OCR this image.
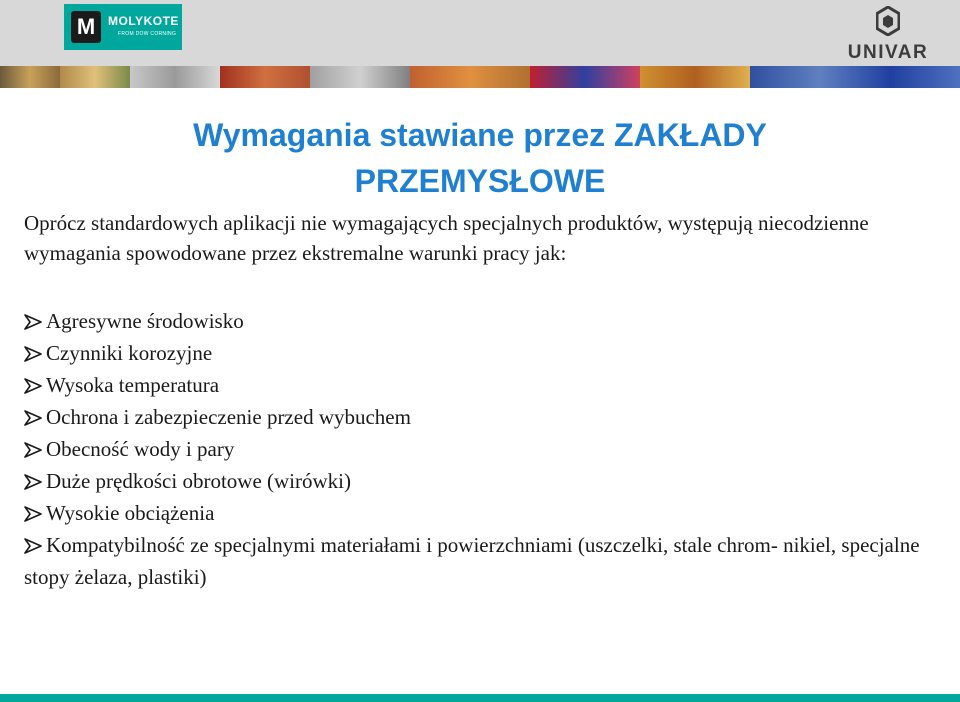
M	MOLYKOTE
FROM DOW CORNING
UNIVAR
Wymagania stawiane przez ZAKŁADY
PRZEMYSŁOWE
Oprócz standardowych aplikacji nie wymagających specjalnych produktów, występują niecodzienne wymagania spowodowane przez ekstremalne warunki pracy jak:
Agresywne środowisko
Czynniki korozyjne
Wysoka temperatura
Ochrona i zabezpieczenie przed wybuchem
Obecność wody i pary
Duże prędkości obrotowe (wirówki)
Wysokie obciążenia
Kompatybilność ze specjalnymi materiałami i powierzchniami (uszczelki, stale chrom- nikiel, specjalne stopy żelaza, plastiki)
